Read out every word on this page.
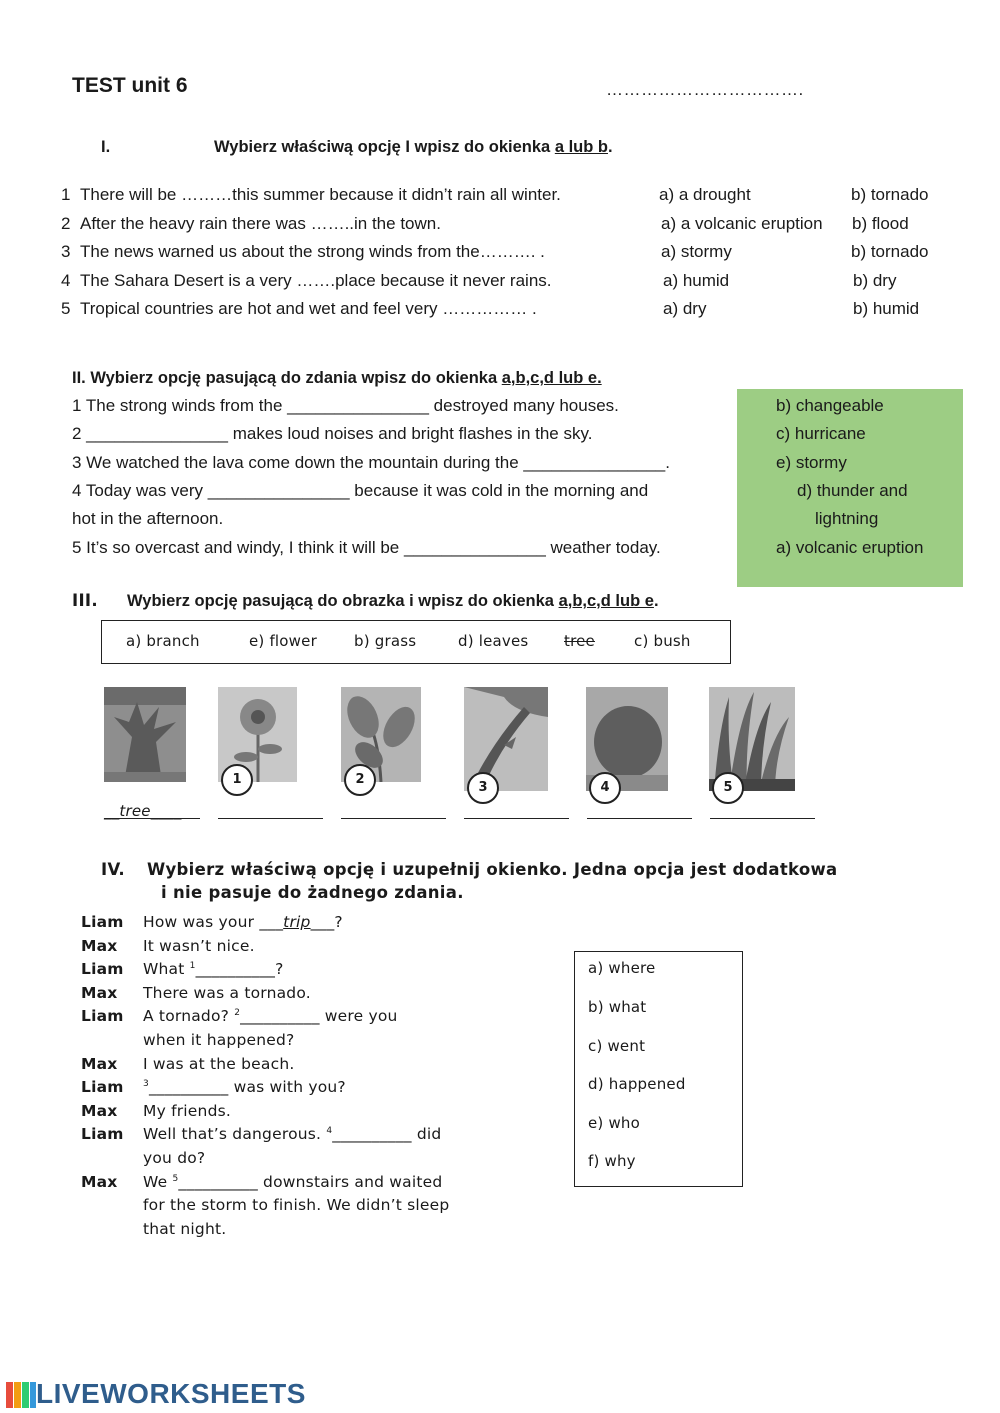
TEST unit 6	…………………………….
I.	Wybierz właściwą opcję I wpisz do okienka a lub b.
1 There will be ………this summer because it didn’t rain all winter.	a) a drought	b) tornado
2 After the heavy rain there was ……..in the town.	a) a volcanic eruption b) flood
3 The news warned us about the strong winds from the………. .	a) stormy	b) tornado
4 The Sahara Desert is a very …….place because it never rains.	a) humid	b) dry
5 Tropical countries are hot and wet and feel very …………… .	a) dry	b) humid
II. Wybierz opcję pasującą do zdania wpisz do okienka a,b,c,d lub e.
1 The strong winds from the _______________ destroyed many houses.
2 _______________ makes loud noises and bright flashes in the sky.
3 We watched the lava come down the mountain during the _______________.
4 Today was very _______________ because it was cold in the morning and
hot in the afternoon.
5 It’s so overcast and windy, I think it will be _______________ weather today.
b) changeable
c) hurricane
e) stormy
d) thunder and
lightning
a) volcanic eruption
III. Wybierz opcję pasującą do obrazka i wpisz do okienka a,b,c,d lub e.
a) branch	e) flower b) grass	d) leaves tree	c) bush
1	2
3	4	5
__tree____
IV. Wybierz właściwą opcję i uzupełnij okienko. Jedna opcja jest dodatkowa
i nie pasuje do żadnego zdania.
Liam How was your ___trip___?
Max It wasn’t nice.
Liam What $^1$__________?
Max There was a tornado.
Liam A tornado? $^2$__________ were you
when it happened?
Max I was at the beach.
Liam $^3$__________ was with you?
Max My friends.
Liam Well that’s dangerous. $^4$__________ did
you do?
Max We $^5$__________ downstairs and waited
for the storm to finish. We didn’t sleep
that night.
a) where
b) what
c) went
d) happened
e) who
f) why
LIVEWORKSHEETS
